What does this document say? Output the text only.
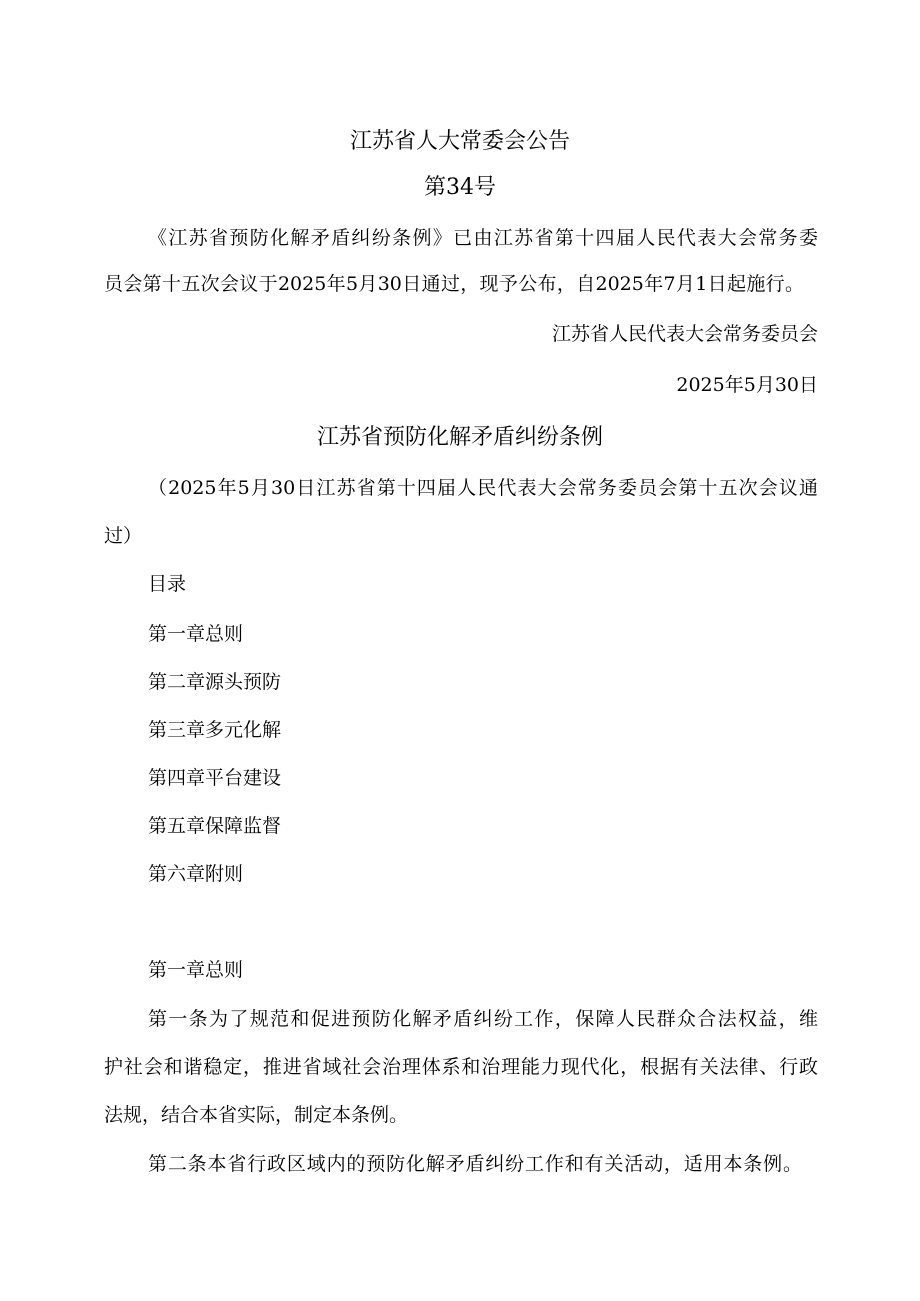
江苏省人大常委会公告

第34号

《江苏省预防化解矛盾纠纷条例》已由江苏省第十四届人民代表大会常务委

员会第十五次会议于2025年5月30日通过，现予公布，自2025年7月1日起施行。

江苏省人民代表大会常务委员会

2025年5月30日

江苏省预防化解矛盾纠纷条例

（2025年5月30日江苏省第十四届人民代表大会常务委员会第十五次会议通

过）

目录

第一章总则

第二章源头预防

第三章多元化解

第四章平台建设

第五章保障监督

第六章附则

第一章总则

第一条为了规范和促进预防化解矛盾纠纷工作，保障人民群众合法权益，维

护社会和谐稳定，推进省域社会治理体系和治理能力现代化，根据有关法律、行政

法规，结合本省实际，制定本条例。

第二条本省行政区域内的预防化解矛盾纠纷工作和有关活动，适用本条例。
